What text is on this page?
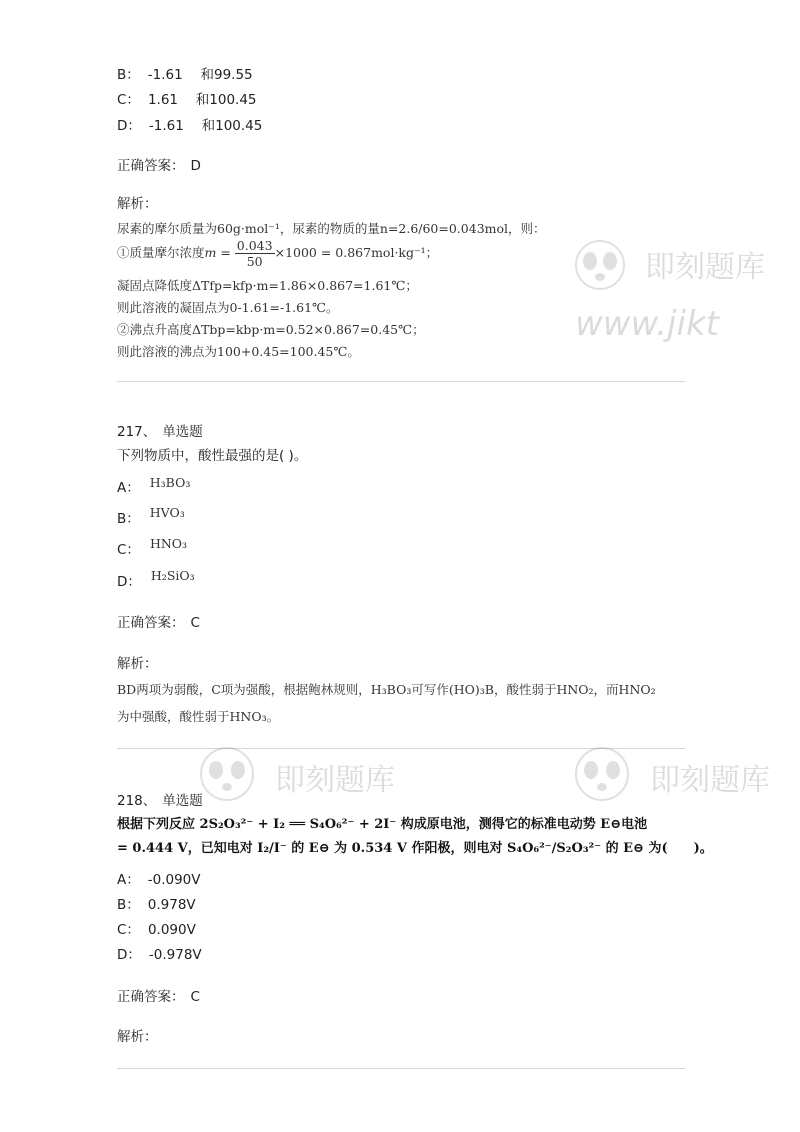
B： -1.61　 和99.55
C： 1.61　 和100.45
D： -1.61　 和100.45
正确答案： D
解析：
尿素的摩尔质量为60g·mol⁻¹，尿素的物质的量n=2.6/60=0.043mol，则：
①质量摩尔浓度$m = \frac{0.043}{50} \times 1000 = 0.867mol\cdot kg^{-1}$；
凝固点降低度ΔTfp=kfp·m=1.86×0.867=1.61℃；
则此溶液的凝固点为0-1.61=-1.61℃。
②沸点升高度ΔTbp=kbp·m=0.52×0.867=0.45℃；
则此溶液的沸点为100+0.45=100.45℃。
217、 单选题
下列物质中，酸性最强的是( )。
A： H₃BO₃
B： HVO₃
C： HNO₃
D： H₂SiO₃
正确答案： C
解析：
BD两项为弱酸，C项为强酸，根据鲍林规则，H₃BO₃可写作(HO)₃B，酸性弱于HNO₂，而HNO₂
为中强酸，酸性弱于HNO₃。
218、 单选题
根据下列反应 2S₂O₃²⁻ + I₂ ══ S₄O₆²⁻ + 2I⁻ 构成原电池，测得它的标准电动势 E⊖电池
= 0.444 V，已知电对 I₂/I⁻ 的 E⊖ 为 0.534 V 作阳极，则电对 S₄O₆²⁻/S₂O₃²⁻ 的 E⊖ 为(　　)。
A： -0.090V
B： 0.978V
C： 0.090V
D： -0.978V
正确答案： C
解析：
即刻题库
www.jikt
即刻题库	即刻题库
